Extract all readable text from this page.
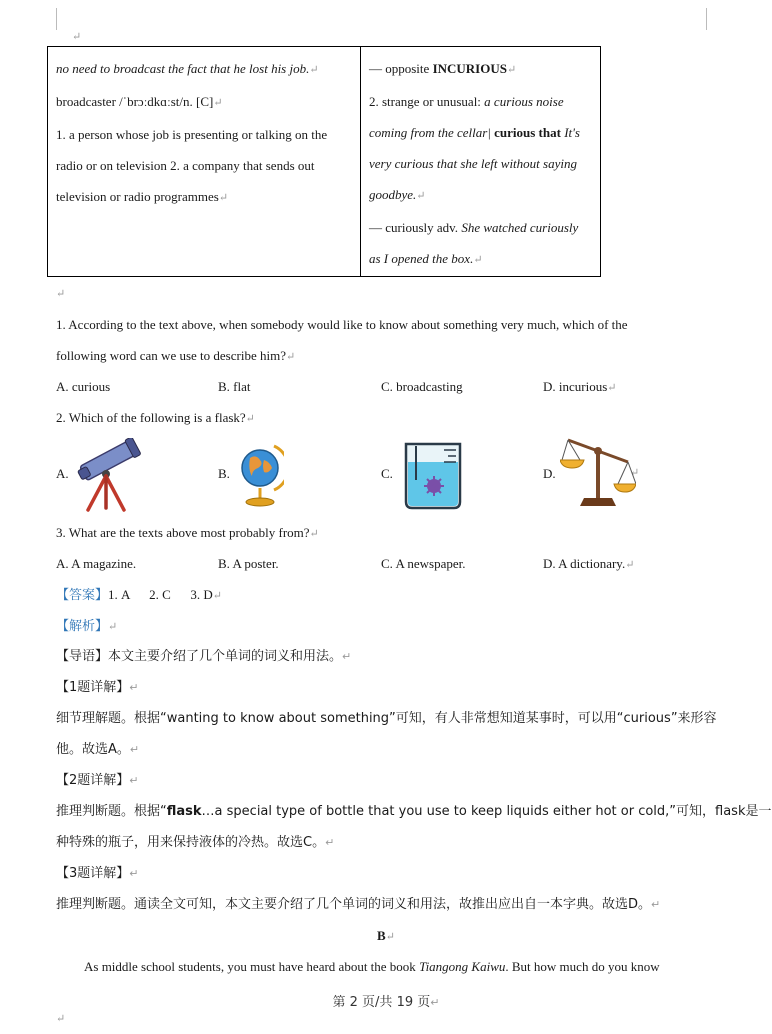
↵
no need to broadcast the fact that he lost his job.↵
broadcaster /ˈbrɔːdkɑːst/n. [C]↵
1. a person whose job is presenting or talking on the
radio or on television 2. a company that sends out
television or radio programmes↵

— opposite INCURIOUS↵
2. strange or unusual: a curious noise
coming from the cellar| curious that It's
very curious that she left without saying
goodbye.↵
— curiously adv. She watched curiously
as I opened the box.↵
↵
1. According to the text above, when somebody would like to know about something very much, which of the
following word can we use to describe him?↵
A. curious	B. flat	C. broadcasting	D. incurious↵
2. Which of the following is a flask?↵
A.	B.	C.	D.	↵
3. What are the texts above most probably from?↵
A. A magazine.	B. A poster.	C. A newspaper.	D. A dictionary.↵
【答案】1. A      2. C      3. D↵
【解析】↵
【导语】本文主要介绍了几个单词的词义和用法。↵
【1题详解】↵
细节理解题。根据“wanting to know about something”可知，有人非常想知道某事时，可以用“curious”来形容
他。故选A。↵
【2题详解】↵
推理判断题。根据“flask…a special type of bottle that you use to keep liquids either hot or cold,”可知，flask是一
种特殊的瓶子，用来保持液体的冷热。故选C。↵
【3题详解】↵
推理判断题。通读全文可知，本文主要介绍了几个单词的词义和用法，故推出应出自一本字典。故选D。↵
B↵
As middle school students, you must have heard about the book Tiangong Kaiwu. But how much do you know
第 2 页/共 19 页↵
↵
